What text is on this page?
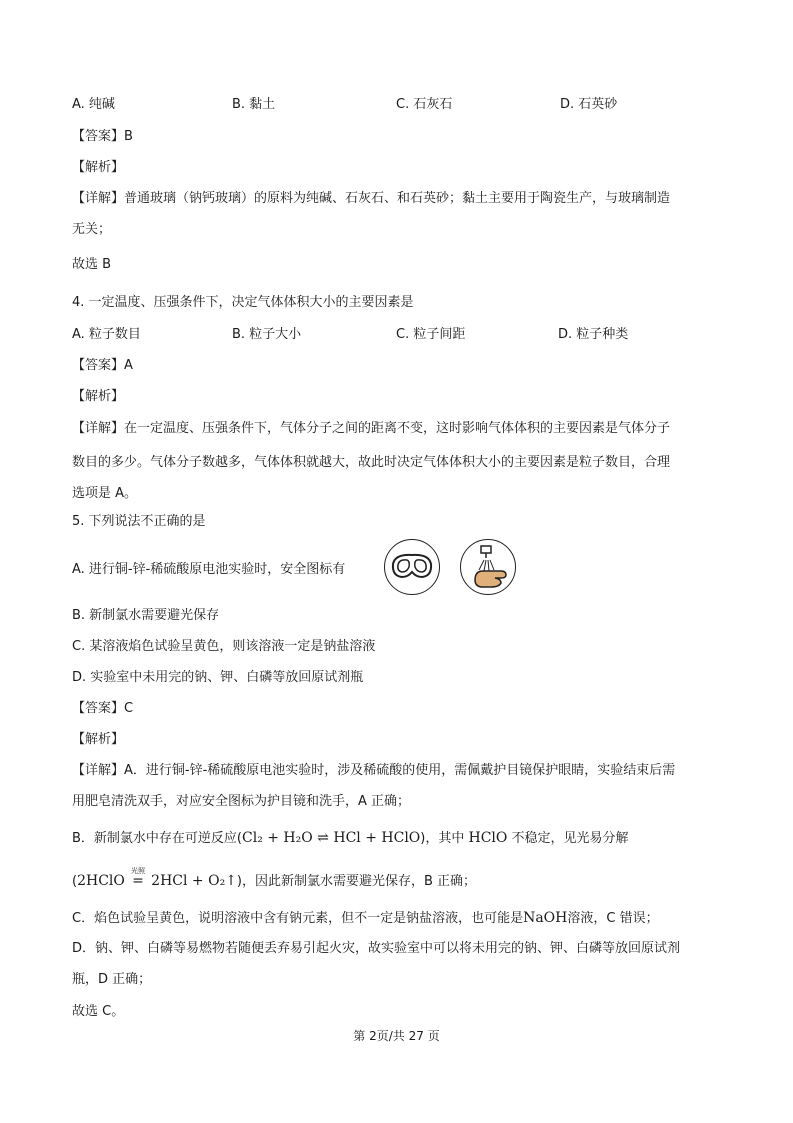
A. 纯碱	B. 黏土	C. 石灰石	D. 石英砂
【答案】B
【解析】
【详解】普通玻璃（钠钙玻璃）的原料为纯碱、石灰石、和石英砂；黏土主要用于陶瓷生产，与玻璃制造
无关；
故选 B
4. 一定温度、压强条件下，决定气体体积大小的主要因素是
A. 粒子数目	B. 粒子大小	C. 粒子间距	D. 粒子种类
【答案】A
【解析】
【详解】在一定温度、压强条件下，气体分子之间的距离不变，这时影响气体体积的主要因素是气体分子
数目的多少。气体分子数越多，气体体积就越大，故此时决定气体体积大小的主要因素是粒子数目，合理
选项是 A。
5. 下列说法不正确的是
A. 进行铜-锌-稀硫酸原电池实验时，安全图标有
B. 新制氯水需要避光保存
C. 某溶液焰色试验呈黄色，则该溶液一定是钠盐溶液
D. 实验室中未用完的钠、钾、白磷等放回原试剂瓶
【答案】C
【解析】
【详解】A．进行铜-锌-稀硫酸原电池实验时，涉及稀硫酸的使用，需佩戴护目镜保护眼睛，实验结束后需
用肥皂清洗双手，对应安全图标为护目镜和洗手，A 正确；
B．新制氯水中存在可逆反应(Cl₂ + H₂O ⇌ HCl + HClO)，其中 HClO 不稳定，见光易分解
(2HClO
光照
= 2HCl + O₂↑)，因此新制氯水需要避光保存，B 正确；
C．焰色试验呈黄色，说明溶液中含有钠元素，但不一定是钠盐溶液，也可能是NaOH溶液，C 错误；
D．钠、钾、白磷等易燃物若随便丢弃易引起火灾，故实验室中可以将未用完的钠、钾、白磷等放回原试剂
瓶，D 正确；
故选 C。
第 2页/共 27 页
